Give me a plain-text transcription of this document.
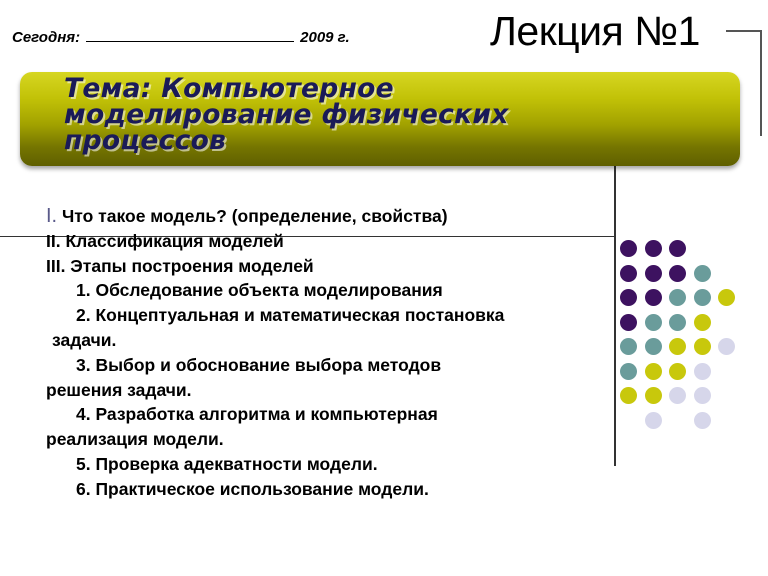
Сегодня:	2009 г.	Лекция №1
Тема: Компьютерное
моделирование физических
процессов
I. Что такое модель? (определение, свойства)
II. Классификация моделей
III. Этапы построения моделей
1. Обследование объекта моделирования
2. Концептуальная и математическая постановка
задачи.
3. Выбор и обоснование выбора методов
решения задачи.
4. Разработка алгоритма и компьютерная
реализация модели.
5. Проверка адекватности модели.
6. Практическое использование модели.
